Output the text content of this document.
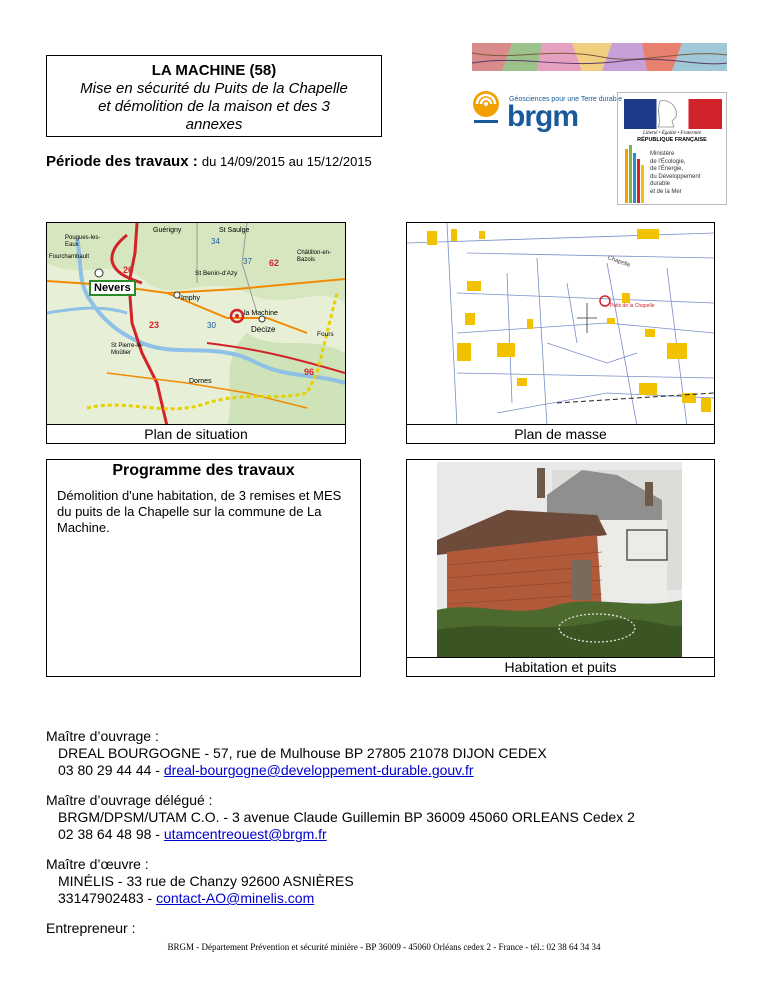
LA MACHINE (58)
Mise en sécurité du Puits de la Chapelle
et démolition de la maison et des 3
annexes
Géosciences pour une Terre durable
brgm
Liberté • Égalité • Fraternité
RÉPUBLIQUE FRANÇAISE
Ministère
de l'Écologie,
de l'Énergie,
du Développement
durable
et de la Mer
Période des travaux : du 14/09/2015 au 15/12/2015
Nevers
la Machine
Decize
Imphy
Dornes
Guérigny	St Saulge
Châtillon-en-Bazois
St Benin-d'Azy
Fours
St Pierre-le-Moûtier
Pougues-les-Eaux
Fourchambault
62
23
26
96
30
37
34
Plan de situation
Puits de la Chapelle
Chapelle
Plan de masse
Programme des travaux
Démolition d'une habitation, de 3 remises et MES du puits de la Chapelle sur la commune de La Machine.
Habitation et puits
Maître d’ouvrage :
DREAL BOURGOGNE - 57, rue de Mulhouse BP 27805 21078 DIJON CEDEX
03 80 29 44 44 - dreal-bourgogne@developpement-durable.gouv.fr
Maître d’ouvrage délégué :
BRGM/DPSM/UTAM C.O. - 3 avenue Claude Guillemin BP 36009 45060 ORLEANS Cedex 2
02 38 64 48 98 - utamcentreouest@brgm.fr
Maître d’œuvre :
MINÉLIS - 33 rue de Chanzy 92600 ASNIÈRES
33147902483 - contact-AO@minelis.com
Entrepreneur :
BRGM - Département Prévention et sécurité minière - BP 36009 - 45060 Orléans cedex 2 - France - tél.: 02 38 64 34 34
